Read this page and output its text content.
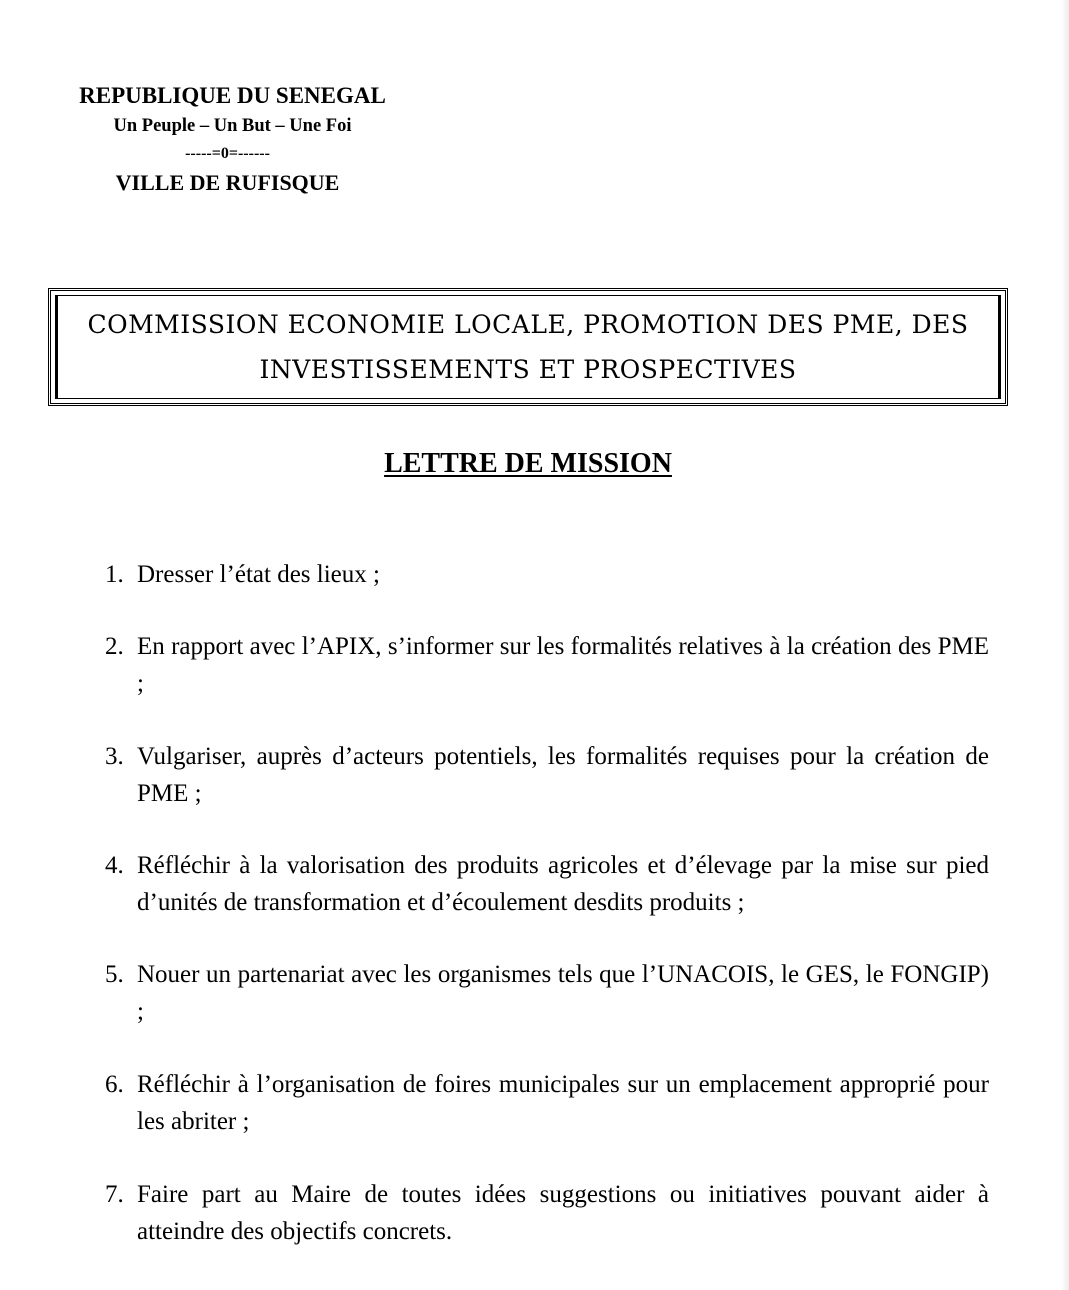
REPUBLIQUE DU SENEGAL
Un Peuple – Un But – Une Foi
-----=0=------
VILLE DE RUFISQUE
COMMISSION ECONOMIE LOCALE, PROMOTION DES PME, DES
INVESTISSEMENTS ET PROSPECTIVES
LETTRE DE MISSION
1. Dresser l’état des lieux ;
2. En rapport avec l’APIX, s’informer sur les formalités relatives à la création des PME ;
3. Vulgariser, auprès d’acteurs potentiels, les formalités requises pour la création de PME ;
4. Réfléchir à la valorisation des produits agricoles et d’élevage par la mise sur pied d’unités de transformation et d’écoulement desdits produits ;
5. Nouer un partenariat avec les organismes tels que l’UNACOIS, le GES, le FONGIP) ;
6. Réfléchir à l’organisation de foires municipales sur un emplacement approprié pour les abriter ;
7. Faire part au Maire de toutes idées suggestions ou initiatives pouvant aider à atteindre des objectifs concrets.
